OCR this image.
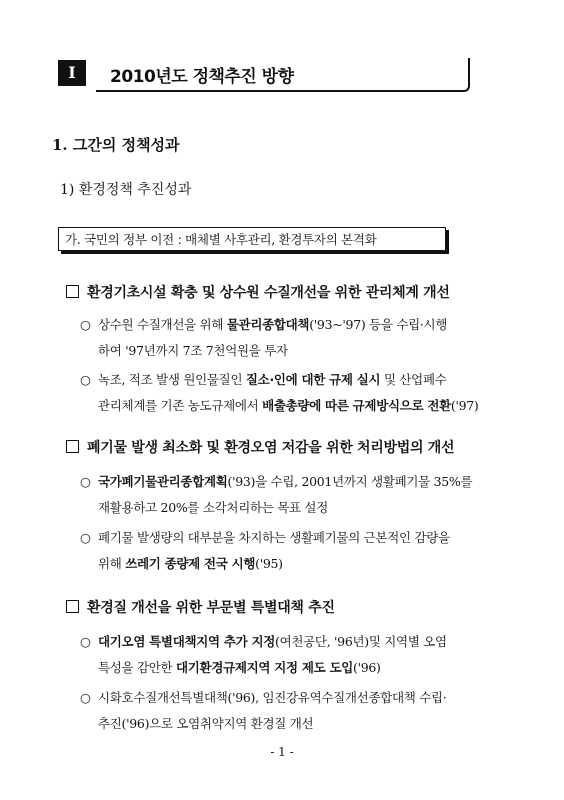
I	2010년도 정책추진 방향
1. 그간의 정책성과
1) 환경정책 추진성과
가. 국민의 정부 이전 : 매체별 사후관리, 환경투자의 본격화
환경기초시설 확충 및 상수원 수질개선을 위한 관리체계 개선
○ 상수원 수질개선을 위해 물관리종합대책('93~'97) 등을 수립·시행
하여 '97년까지 7조 7천억원을 투자
○ 녹조, 적조 발생 원인물질인 질소·인에 대한 규제 실시 및 산업폐수
관리체계를 기존 농도규제에서 배출총량에 따른 규제방식으로 전환('97)
폐기물 발생 최소화 및 환경오염 저감을 위한 처리방법의 개선
○ 국가폐기물관리종합계획('93)을 수립, 2001년까지 생활폐기물 35%를
재활용하고 20%를 소각처리하는 목표 설정
○ 폐기물 발생량의 대부분을 차지하는 생활폐기물의 근본적인 감량을
위해 쓰레기 종량제 전국 시행('95)
환경질 개선을 위한 부문별 특별대책 추진
○ 대기오염 특별대책지역 추가 지정(여천공단, '96년)및 지역별 오염
특성을 감안한 대기환경규제지역 지정 제도 도입('96)
○ 시화호수질개선특별대책('96), 임진강유역수질개선종합대책 수립·
추진('96)으로 오염취약지역 환경질 개선
- 1 -
